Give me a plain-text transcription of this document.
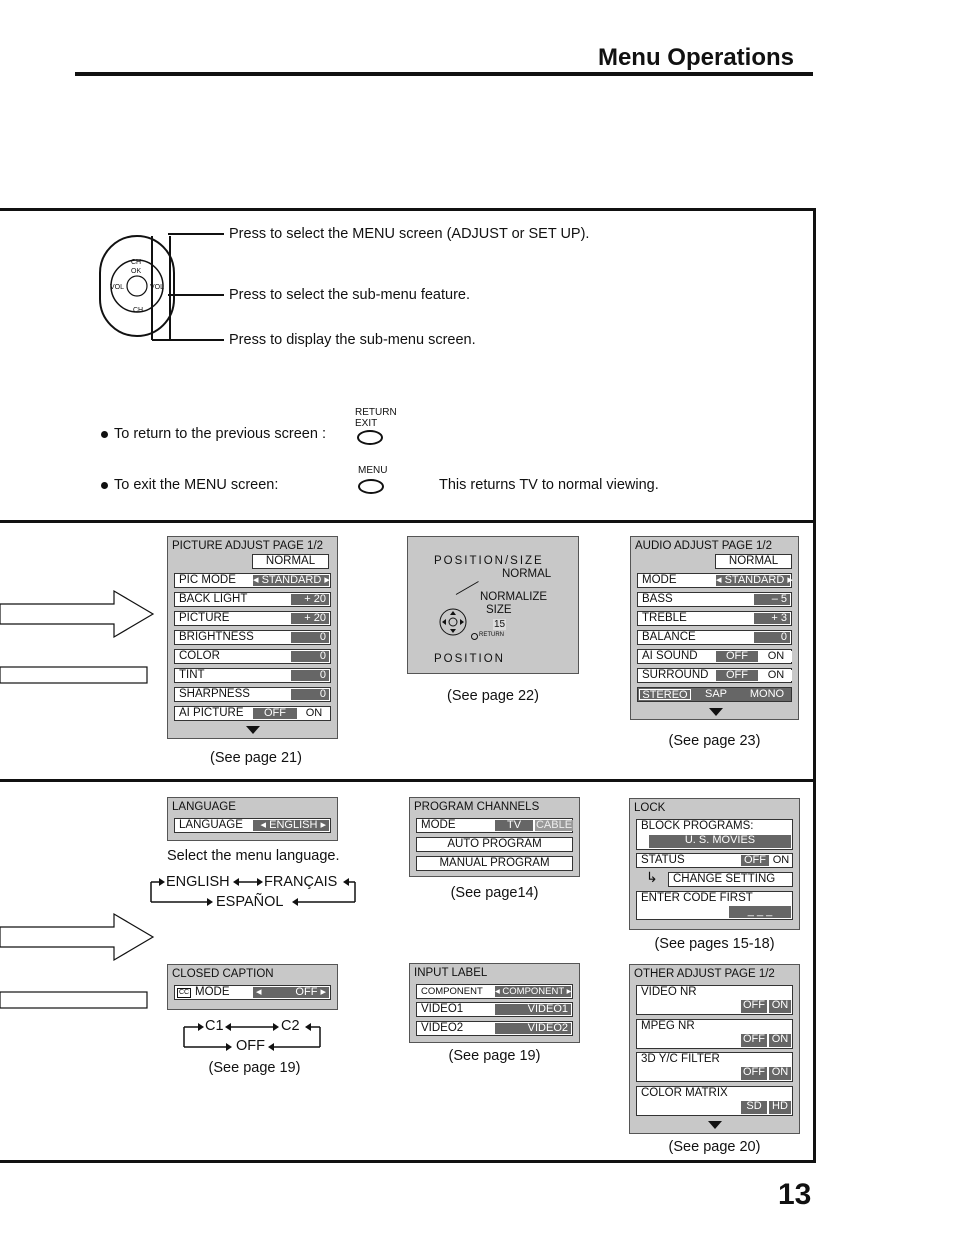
Menu Operations
CH
OK
VOL	VOL
CH
Press to select the MENU screen (ADJUST or SET UP).
Press to select the sub-menu feature.
Press to display the sub-menu screen.
To return to the previous screen :
RETURN
EXIT
To exit the MENU screen:
MENU
This returns TV to normal viewing.
PICTURE ADJUST PAGE 1/2
NORMAL
PIC MODE ◂ STANDARD ▸
BACK LIGHT	+ 20
PICTURE	+ 20
BRIGHTNESS	0
COLOR	0
TINT	0
SHARPNESS	0
AI PICTURE	OFF	ON
(See page 21)
POSITION/SIZE
NORMAL
NORMALIZE
SIZE
15
RETURN
POSITION
(See page 22)
AUDIO ADJUST PAGE 1/2
NORMAL
MODE	◂ STANDARD ▸
BASS	– 5
TREBLE	+ 3
BALANCE	0
AI SOUND	OFF	ON
SURROUND	OFF	ON
STEREO	SAP	MONO
(See page 23)
LANGUAGE
LANGUAGE	◂ ENGLISH ▸
Select the menu language.
ENGLISH FRANÇAIS
ESPAÑOL
PROGRAM CHANNELS
MODE	TV	CABLE
AUTO PROGRAM
MANUAL PROGRAM
(See page14)
LOCK
BLOCK PROGRAMS:
U. S. MOVIES
STATUS	OFF ON
↳ CHANGE SETTING
ENTER CODE FIRST
_ _ _
(See pages 15-18)
CLOSED CAPTION
CC MODE ◂	OFF ▸
C1	C2
OFF
(See page 19)
INPUT LABEL
COMPONENT ◂ COMPONENT ▸
VIDEO1	VIDEO1
VIDEO2	VIDEO2
(See page 19)
OTHER ADJUST PAGE 1/2
VIDEO NR
OFF ON
MPEG NR
OFF ON
3D Y/C FILTER
OFF ON
COLOR MATRIX
SD HD
(See page 20)
13
